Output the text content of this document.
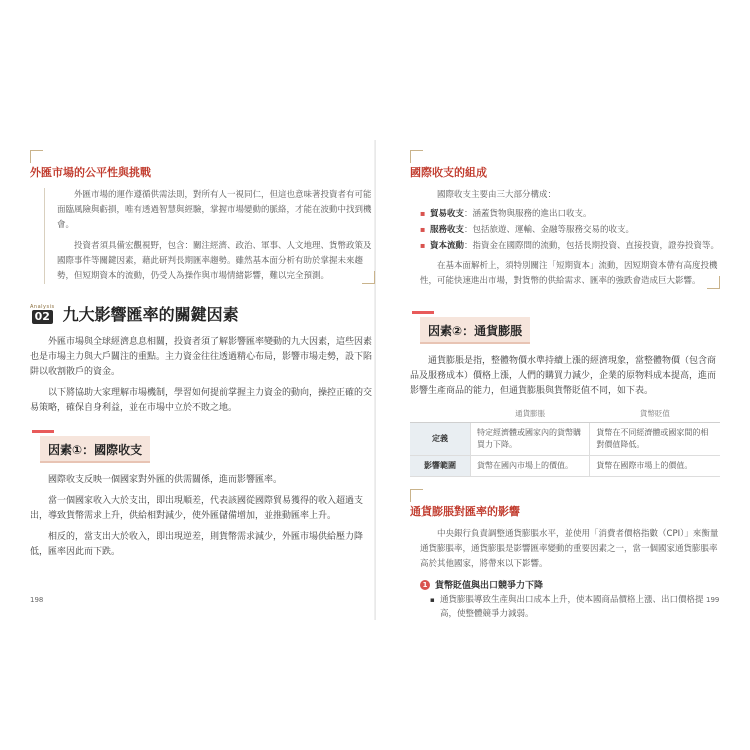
外匯市場的公平性與挑戰

外匯市場的運作遵循供需法則，對所有人一視同仁，但這也意味著投資者有可能面臨風險與虧損，唯有透過智慧與經驗，掌握市場變動的脈絡，才能在波動中找到機會。

投資者須具備宏觀視野，包含：關注經濟、政治、軍事、人文地理、貨幣政策及國際事件等關鍵因素，藉此研判長期匯率趨勢。雖然基本面分析有助於掌握未來趨勢，但短期資本的流動，仍受人為操作與市場情緒影響，難以完全預測。

Analysis
02 九大影響匯率的關鍵因素

外匯市場與全球經濟息息相關，投資者須了解影響匯率變動的九大因素，這些因素也是市場主力與大戶關注的重點。主力資金往往透過精心布局，影響市場走勢，設下陷阱以收割散戶的資金。

以下將協助大家理解市場機制，學習如何提前掌握主力資金的動向，操控正確的交易策略，確保自身利益，並在市場中立於不敗之地。

因素①：國際收支

國際收支反映一個國家對外匯的供需關係，進而影響匯率。

當一個國家收入大於支出，即出現順差，代表該國從國際貿易獲得的收入超過支出，導致貨幣需求上升，供給相對減少，使外匯儲備增加，並推動匯率上升。

相反的，當支出大於收入，即出現逆差，則貨幣需求減少，外匯市場供給壓力降低，匯率因此而下跌。

198
國際收支的組成

國際收支主要由三大部分構成：

▪ 貿易收支：涵蓋貨物與服務的進出口收支。
▪ 服務收支：包括旅遊、運輸、金融等服務交易的收支。
▪ 資本流動：指資金在國際間的流動，包括長期投資、直接投資，證券投資等。

在基本面解析上，須特別關注「短期資本」流動，因短期資本帶有高度投機性，可能快速進出市場，對貨幣的供給需求、匯率的強跌會造成巨大影響。

因素②：通貨膨脹

通貨膨脹是指，整體物價水準持續上漲的經濟現象，當整體物價（包含商品及服務成本）價格上漲，人們的購買力減少，企業的原物料成本提高，進而影響生產商品的能力，但通貨膨脹與貨幣貶值不同，如下表。

	通貨膨脹	貨幣貶值
定義	特定經濟體或國家內的貨幣購買力下降。	貨幣在不同經濟體或國家間的相對價值降低。
影響範圍	貨幣在國內市場上的價值。	貨幣在國際市場上的價值。
通貨膨脹對匯率的影響

中央銀行負責調整通貨膨脹水平，並使用「消費者價格指數（CPI）」來衡量通貨膨脹率，通貨膨脹是影響匯率變動的重要因素之一，當一個國家通貨膨脹率高於其他國家，將帶來以下影響。

1 貨幣貶值與出口競爭力下降
▪ 通貨膨脹導致生產與出口成本上升，使本國商品價格上漲、出口價格提高，使整體競爭力減弱。
199
